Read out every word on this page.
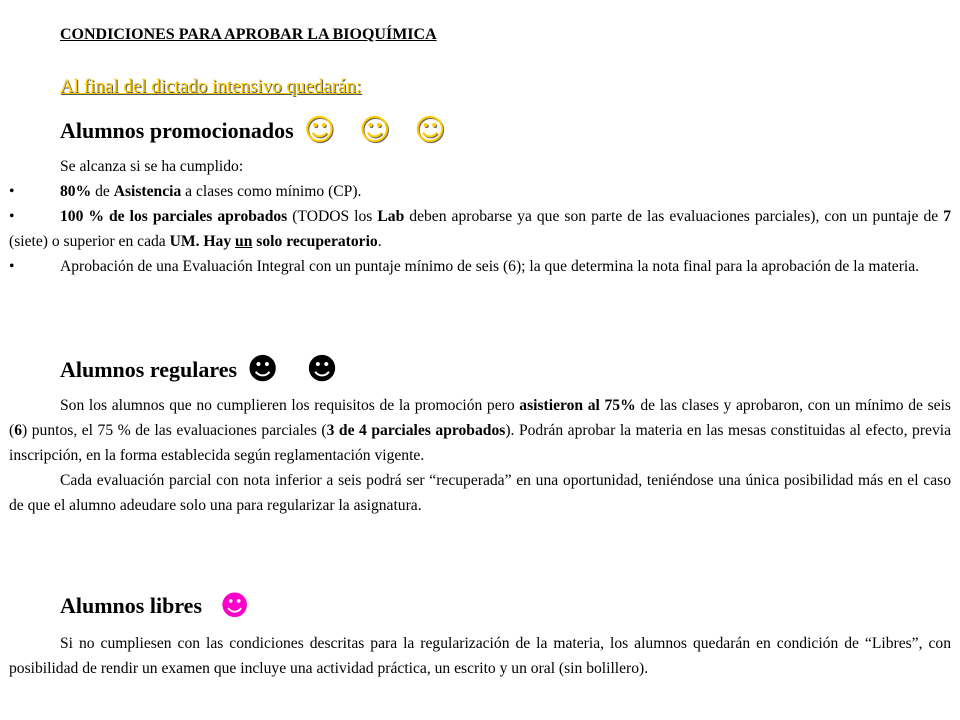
CONDICIONES PARA APROBAR LA BIOQUÍMICA
Al final del dictado intensivo quedarán:
Alumnos promocionados ☺ ☺ ☺
Se alcanza si se ha cumplido:
•	80% de Asistencia a clases como mínimo (CP).
•	100 % de los parciales aprobados (TODOS los Lab deben aprobarse ya que son parte de las evaluaciones parciales), con un puntaje de 7 (siete) o superior en cada UM. Hay un solo recuperatorio.
•	Aprobación de una Evaluación Integral con un puntaje mínimo de seis (6); la que determina la nota final para la aprobación de la materia.
Alumnos regulares ☻ ☻
Son los alumnos que no cumplieren los requisitos de la promoción pero asistieron al 75% de las clases y aprobaron, con un mínimo de seis (6) puntos, el 75 % de las evaluaciones parciales (3 de 4 parciales aprobados). Podrán aprobar la materia en las mesas constituidas al efecto, previa inscripción, en la forma establecida según reglamentación vigente.
Cada evaluación parcial con nota inferior a seis podrá ser “recuperada” en una oportunidad, teniéndose una única posibilidad más en el caso de que el alumno adeudare solo una para regularizar la asignatura.
Alumnos libres ☻
Si no cumpliesen con las condiciones descritas para la regularización de la materia, los alumnos quedarán en condición de “Libres”, con posibilidad de rendir un examen que incluye una actividad práctica, un escrito y un oral (sin bolillero).
